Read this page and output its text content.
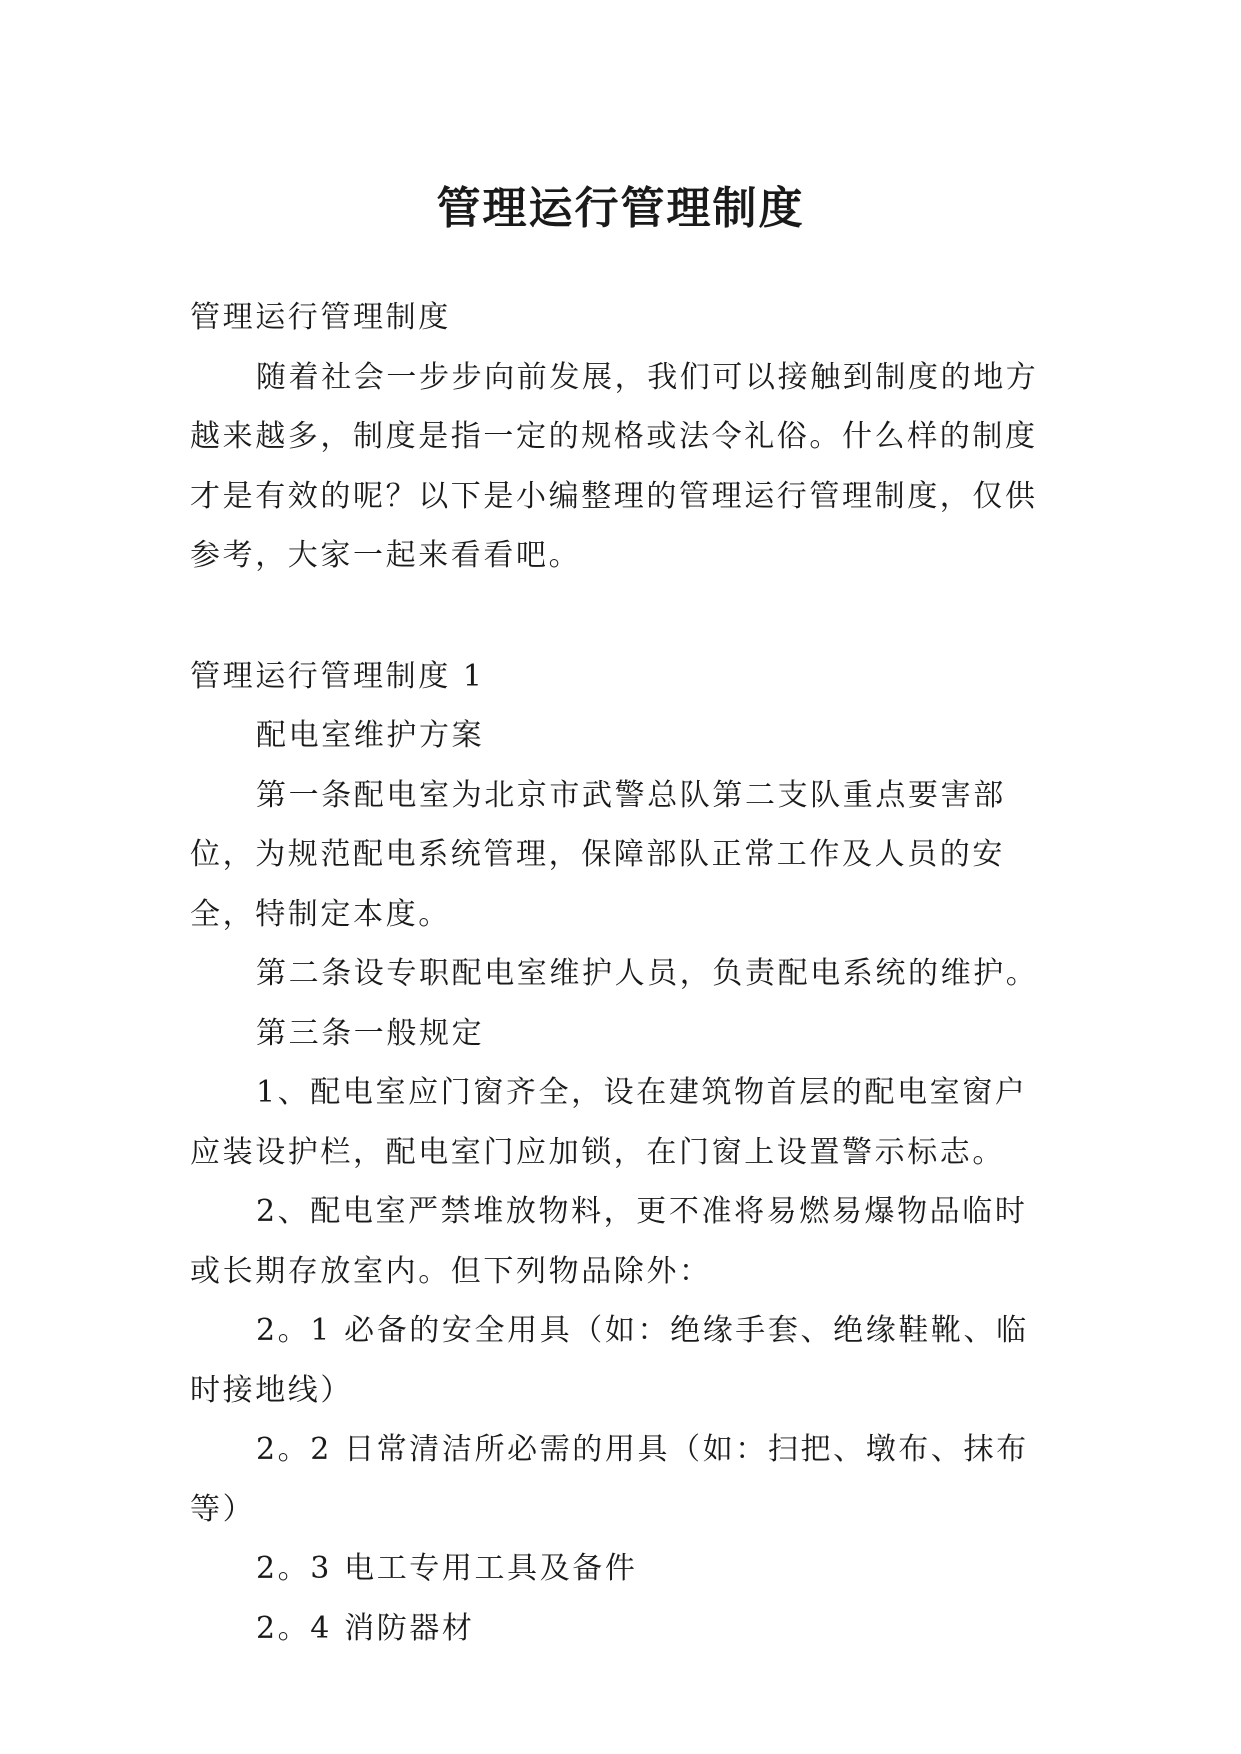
管理运行管理制度

管理运行管理制度

随着社会一步步向前发展，我们可以接触到制度的地方越来越多，制度是指一定的规格或法令礼俗。什么样的制度才是有效的呢？以下是小编整理的管理运行管理制度，仅供参考，大家一起来看看吧。

管理运行管理制度 1

配电室维护方案

第一条配电室为北京市武警总队第二支队重点要害部位，为规范配电系统管理，保障部队正常工作及人员的安全，特制定本度。

第二条设专职配电室维护人员，负责配电系统的维护。

第三条一般规定

1、配电室应门窗齐全，设在建筑物首层的配电室窗户应装设护栏，配电室门应加锁，在门窗上设置警示标志。

2、配电室严禁堆放物料，更不准将易燃易爆物品临时或长期存放室内。但下列物品除外：

2。1 必备的安全用具（如：绝缘手套、绝缘鞋靴、临时接地线）

2。2 日常清洁所必需的用具（如：扫把、墩布、抹布等）

2。3 电工专用工具及备件

2。4 消防器材
